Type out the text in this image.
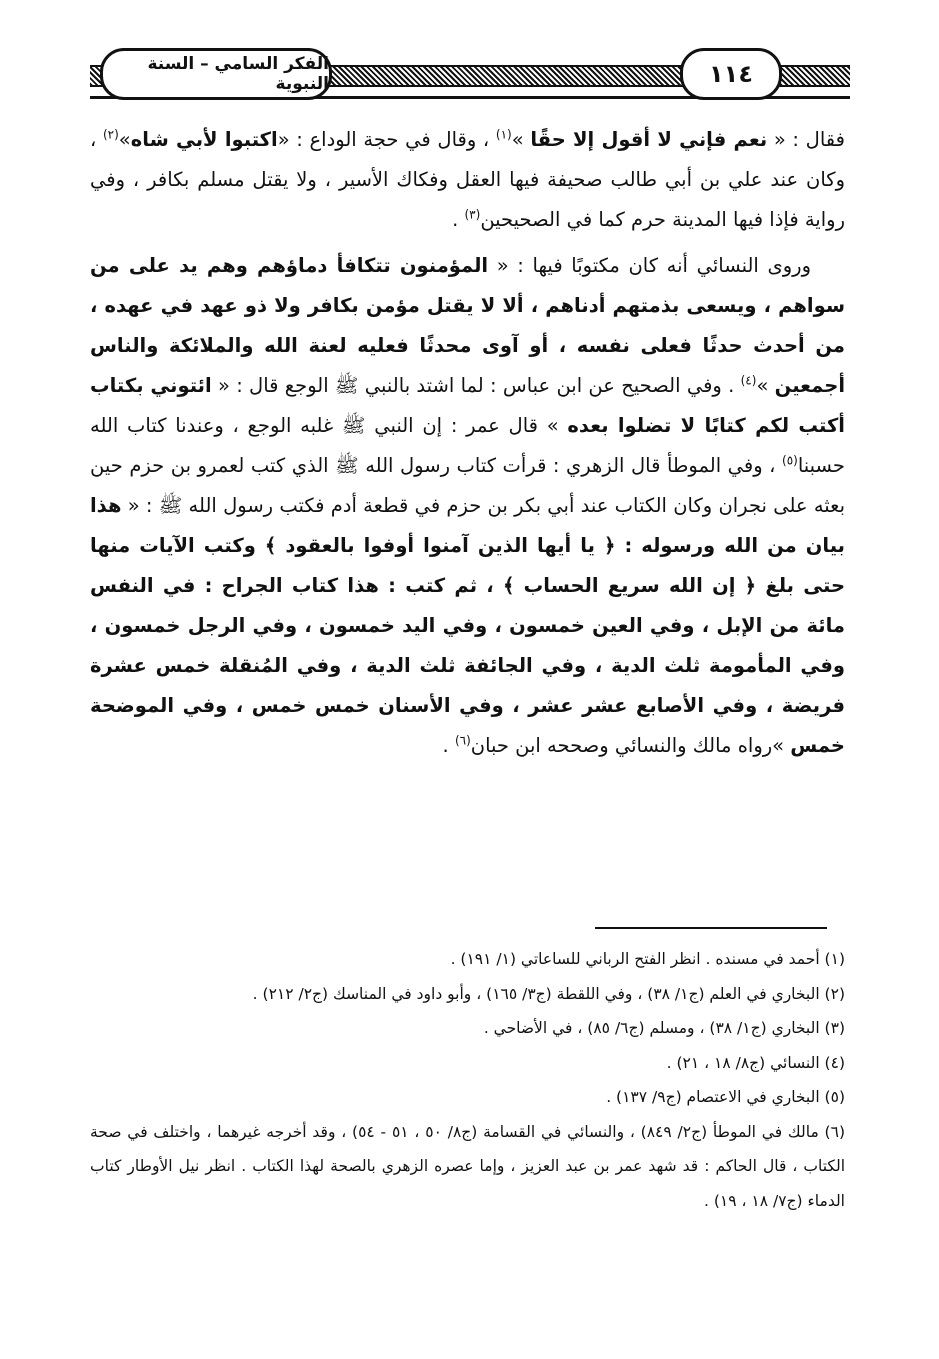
الفكر السامي – السنة النبوية	١١٤

فقال : « نعم فإني لا أقول إلا حقًا »$^{(١)}$ ، وقال في حجة الوداع : «اكتبوا لأبي شاه»$^{(٢)}$ ، وكان عند علي بن أبي طالب صحيفة فيها العقل وفكاك الأسير ، ولا يقتل مسلم بكافر ، وفي رواية فإذا فيها المدينة حرم كما في الصحيحين$^{(٣)}$ .

وروى النسائي أنه كان مكتوبًا فيها : « المؤمنون تتكافأ دماؤهم وهم يد على من سواهم ، ويسعى بذمتهم أدناهم ، ألا لا يقتل مؤمن بكافر ولا ذو عهد في عهده ، من أحدث حدثًا فعلى نفسه ، أو آوى محدثًا فعليه لعنة الله والملائكة والناس أجمعين »$^{(٤)}$ . وفي الصحيح عن ابن عباس : لما اشتد بالنبي ﷺ الوجع قال : « ائتوني بكتاب أكتب لكم كتابًا لا تضلوا بعده » قال عمر : إن النبي ﷺ غلبه الوجع ، وعندنا كتاب الله حسبنا$^{(٥)}$ ، وفي الموطأ قال الزهري : قرأت كتاب رسول الله ﷺ الذي كتب لعمرو بن حزم حين بعثه على نجران وكان الكتاب عند أبي بكر بن حزم في قطعة أدم فكتب رسول الله ﷺ : « هذا بيان من الله ورسوله : ﴿ يا أيها الذين آمنوا أوفوا بالعقود ﴾ وكتب الآيات منها حتى بلغ ﴿ إن الله سريع الحساب ﴾ ، ثم كتب : هذا كتاب الجراح : في النفس مائة من الإبل ، وفي العين خمسون ، وفي اليد خمسون ، وفي الرجل خمسون ، وفي المأمومة ثلث الدية ، وفي الجائفة ثلث الدية ، وفي المُنقلة خمس عشرة فريضة ، وفي الأصابع عشر عشر ، وفي الأسنان خمس خمس ، وفي الموضحة خمس »رواه مالك والنسائي وصححه ابن حبان$^{(٦)}$ .

(١) أحمد في مسنده . انظر الفتح الرباني للساعاتي (١/ ١٩١) .

(٢) البخاري في العلم (ج١/ ٣٨) ، وفي اللقطة (ج٣/ ١٦٥) ، وأبو داود في المناسك (ج٢/ ٢١٢) .

(٣) البخاري (ج١/ ٣٨) ، ومسلم (ج٦/ ٨٥) ، في الأضاحي .

(٤) النسائي (ج٨/ ١٨ ، ٢١) .

(٥) البخاري في الاعتصام (ج٩/ ١٣٧) .

(٦) مالك في الموطأ (ج٢/ ٨٤٩) ، والنسائي في القسامة (ج٨/ ٥٠ ، ٥١ - ٥٤) ، وقد أخرجه غيرهما ، واختلف في صحة الكتاب ، قال الحاكم : قد شهد عمر بن عبد العزيز ، وإما عصره الزهري بالصحة لهذا الكتاب . انظر نيل الأوطار كتاب الدماء (ج٧/ ١٨ ، ١٩) .
